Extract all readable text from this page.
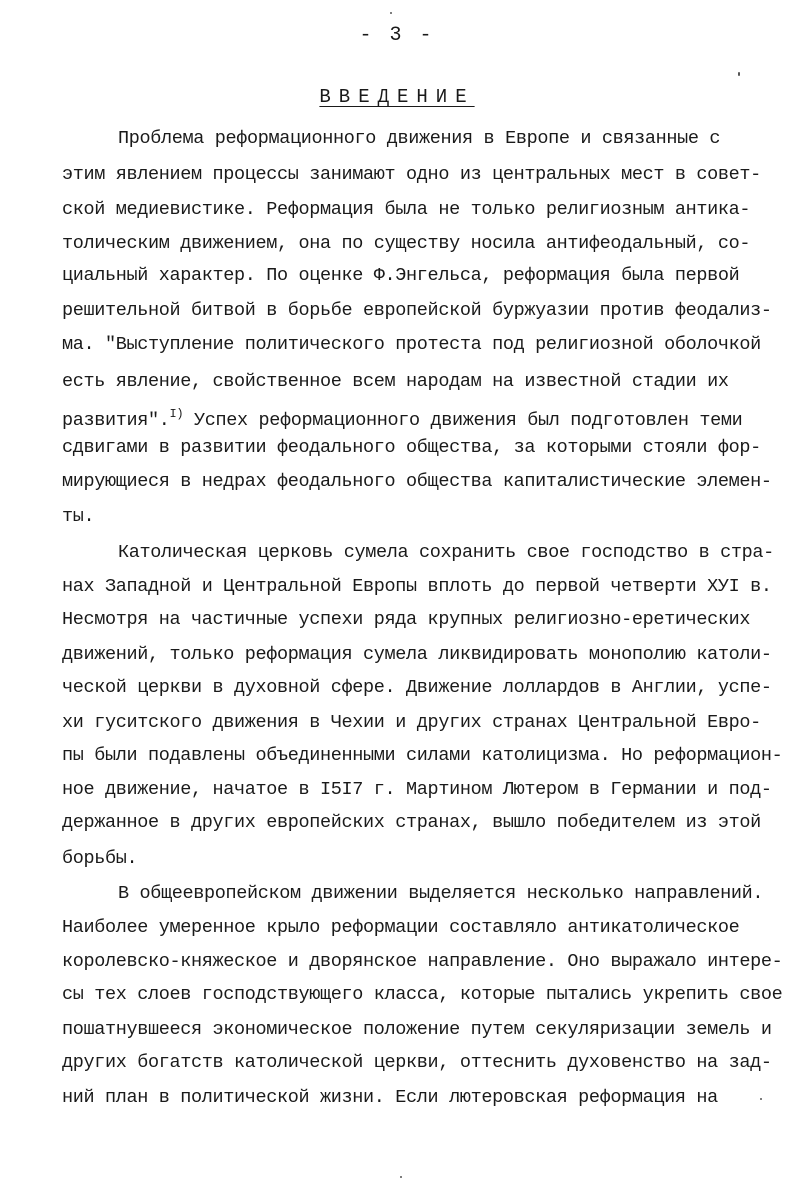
- 3 -
ВВЕДЕНИЕ
Проблема реформационного движения в Европе и связанные с
этим явлением процессы занимают одно из центральных мест в совет-
ской медиевистике. Реформация была не только религиозным антика-
толическим движением, она по существу носила антифеодальный, со-
циальный характер. По оценке Ф.Энгельса, реформация была первой
решительной битвой в борьбе европейской буржуазии против феодализ-
ма. "Выступление политического протеста под религиозной оболочкой
есть явление, свойственное всем народам на известной стадии их
развития".$^{I)}$ Успех реформационного движения был подготовлен теми
сдвигами в развитии феодального общества, за которыми стояли фор-
мирующиеся в недрах феодального общества капиталистические элемен-
ты.
Католическая церковь сумела сохранить свое господство в стра-
нах Западной и Центральной Европы вплоть до первой четверти ХУI в.
Несмотря на частичные успехи ряда крупных религиозно-еретических
движений, только реформация сумела ликвидировать монополию католи-
ческой церкви в духовной сфере. Движение лоллардов в Англии, успе-
хи гуситского движения в Чехии и других странах Центральной Евро-
пы были подавлены объединенными силами католицизма. Но реформацион-
ное движение, начатое в I5I7 г. Мартином Лютером в Германии и под-
держанное в других европейских странах, вышло победителем из этой
борьбы.
В общеевропейском движении выделяется несколько направлений.
Наиболее умеренное крыло реформации составляло антикатолическое
королевско-княжеское и дворянское направление. Оно выражало интере-
сы тех слоев господствующего класса, которые пытались укрепить свое
пошатнувшееся экономическое положение путем секуляризации земель и
других богатств католической церкви, оттеснить духовенство на зад-
ний план в политической жизни. Если лютеровская реформация на
